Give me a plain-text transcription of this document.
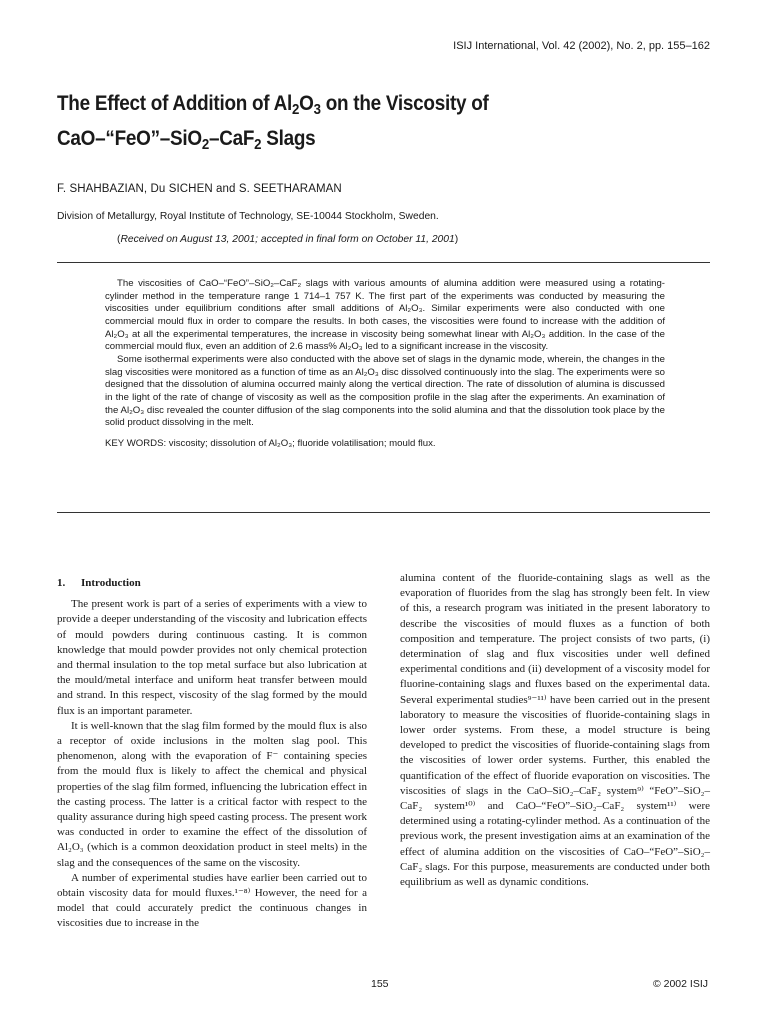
ISIJ International, Vol. 42 (2002), No. 2, pp. 155–162
The Effect of Addition of $Al_2O_3$ on the Viscosity of
CaO–“FeO”–SiO$_2$–CaF$_2$ Slags
F. SHAHBAZIAN, Du SICHEN and S. SEETHARAMAN
Division of Metallurgy, Royal Institute of Technology, SE-10044 Stockholm, Sweden.
(Received on August 13, 2001; accepted in final form on October 11, 2001)

The viscosities of CaO–“FeO”–SiO₂–CaF₂ slags with various amounts of alumina addition were measured using a rotating-cylinder method in the temperature range 1 714–1 757 K. The first part of the experiments was conducted by measuring the viscosities under equilibrium conditions after small additions of Al₂O₃. Similar experiments were also conducted with one commercial mould flux in order to compare the results. In both cases, the viscosities were found to increase with the addition of Al₂O₃ at all the experimental temperatures, the increase in viscosity being somewhat linear with Al₂O₃ addition. In the case of the commercial mould flux, even an addition of 2.6 mass% Al₂O₃ led to a significant increase in the viscosity.

Some isothermal experiments were also conducted with the above set of slags in the dynamic mode, wherein, the changes in the slag viscosities were monitored as a function of time as an Al₂O₃ disc dissolved continuously into the slag. The experiments were so designed that the dissolution of alumina occurred mainly along the vertical direction. The rate of dissolution of alumina is discussed in the light of the rate of change of viscosity as well as the composition profile in the slag after the experiments. An examination of the Al₂O₃ disc revealed the counter diffusion of the slag components into the solid alumina and that the dissolution took place by the solid product dissolving in the melt.

KEY WORDS: viscosity; dissolution of Al₂O₃; fluoride volatilisation; mould flux.

1. Introduction

The present work is part of a series of experiments with a view to provide a deeper understanding of the viscosity and lubrication effects of mould powders during continuous casting. It is common knowledge that mould powder provides not only chemical protection and thermal insulation to the top metal surface but also lubrication at the mould/metal interface and uniform heat transfer between mould and strand. In this respect, viscosity of the slag formed by the mould flux is an important parameter.

It is well-known that the slag film formed by the mould flux is also a receptor of oxide inclusions in the molten slag pool. This phenomenon, along with the evaporation of F⁻ containing species from the mould flux is likely to affect the chemical and physical properties of the slag film formed, influencing the lubrication effect in the casting process. The latter is a critical factor with respect to the quality assurance during high speed casting process. The present work was conducted in order to examine the effect of the dissolution of Al₂O₃ (which is a common deoxidation product in steel melts) in the slag and the consequences of the same on the viscosity.

A number of experimental studies have earlier been carried out to obtain viscosity data for mould fluxes.¹⁻⁸⁾ However, the need for a model that could accurately predict the continuous changes in viscosities due to increase in the

alumina content of the fluoride-containing slags as well as the evaporation of fluorides from the slag has strongly been felt. In view of this, a research program was initiated in the present laboratory to describe the viscosities of mould fluxes as a function of both composition and temperature. The project consists of two parts, (i) determination of slag and flux viscosities under well defined experimental conditions and (ii) development of a viscosity model for fluorine-containing slags and fluxes based on the experimental data. Several experimental studies⁹⁻¹¹⁾ have been carried out in the present laboratory to measure the viscosities of fluoride-containing slags in lower order systems. From these, a model structure is being developed to predict the viscosities of fluoride-containing slags from the viscosities of lower order systems. Further, this enabled the quantification of the effect of fluoride evaporation on viscosities. The viscosities of slags in the CaO–SiO₂–CaF₂ system⁹⁾ “FeO”–SiO₂–CaF₂ system¹⁰⁾ and CaO–“FeO”–SiO₂–CaF₂ system¹¹⁾ were determined using a rotating-cylinder method. As a continuation of the previous work, the present investigation aims at an examination of the effect of alumina addition on the viscosities of CaO–“FeO”–SiO₂–CaF₂ slags. For this purpose, measurements are conducted under both equilibrium as well as dynamic conditions.

155	© 2002 ISIJ
